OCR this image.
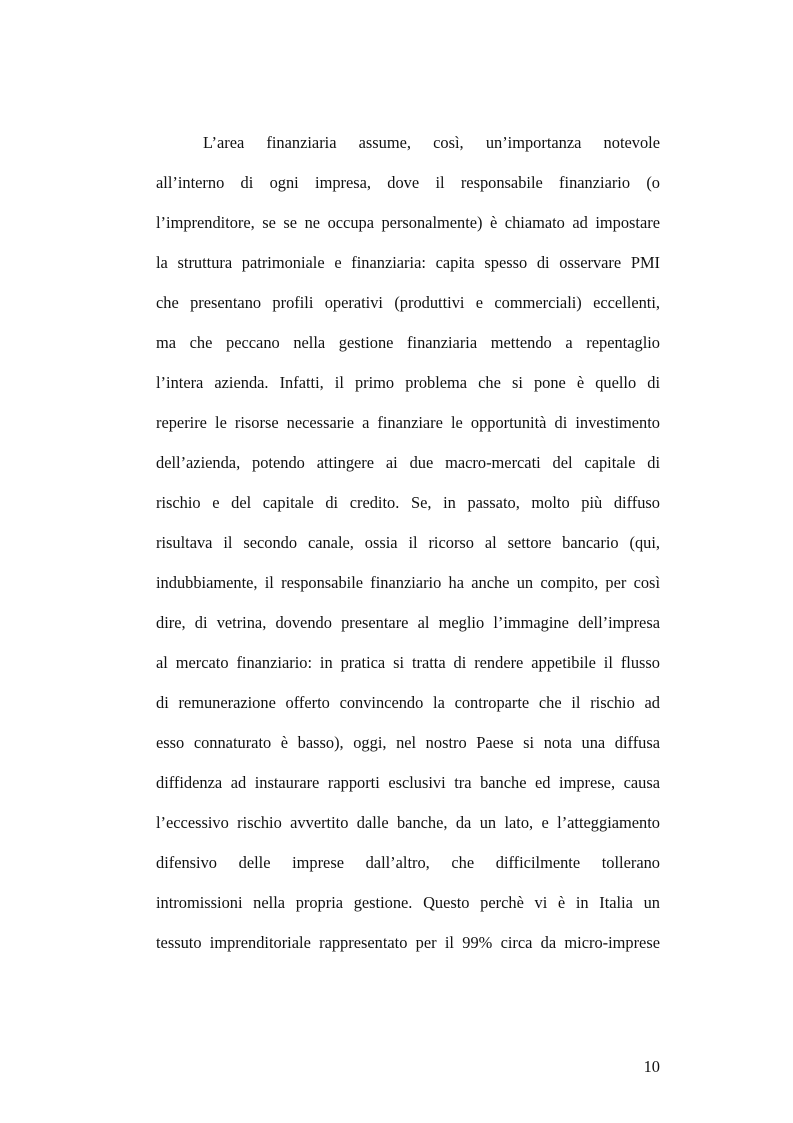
L’area finanziaria assume, così, un’importanza notevole
all’interno di ogni impresa, dove il responsabile finanziario (o
l’imprenditore, se se ne occupa personalmente) è chiamato ad impostare
la struttura patrimoniale e finanziaria: capita spesso di osservare PMI
che presentano profili operativi (produttivi e commerciali) eccellenti,
ma che peccano nella gestione finanziaria mettendo a repentaglio
l’intera azienda. Infatti, il primo problema che si pone è quello di
reperire le risorse necessarie a finanziare le opportunità di investimento
dell’azienda, potendo attingere ai due macro-mercati del capitale di
rischio e del capitale di credito. Se, in passato, molto più diffuso
risultava il secondo canale, ossia il ricorso al settore bancario (qui,
indubbiamente, il responsabile finanziario ha anche un compito, per così
dire, di vetrina, dovendo presentare al meglio l’immagine dell’impresa
al mercato finanziario: in pratica si tratta di rendere appetibile il flusso
di remunerazione offerto convincendo la controparte che il rischio ad
esso connaturato è basso), oggi, nel nostro Paese si nota una diffusa
diffidenza ad instaurare rapporti esclusivi tra banche ed imprese, causa
l’eccessivo rischio avvertito dalle banche, da un lato, e l’atteggiamento
difensivo delle imprese dall’altro, che difficilmente tollerano
intromissioni nella propria gestione. Questo perchè vi è in Italia un
tessuto imprenditoriale rappresentato per il 99% circa da micro-imprese
10
